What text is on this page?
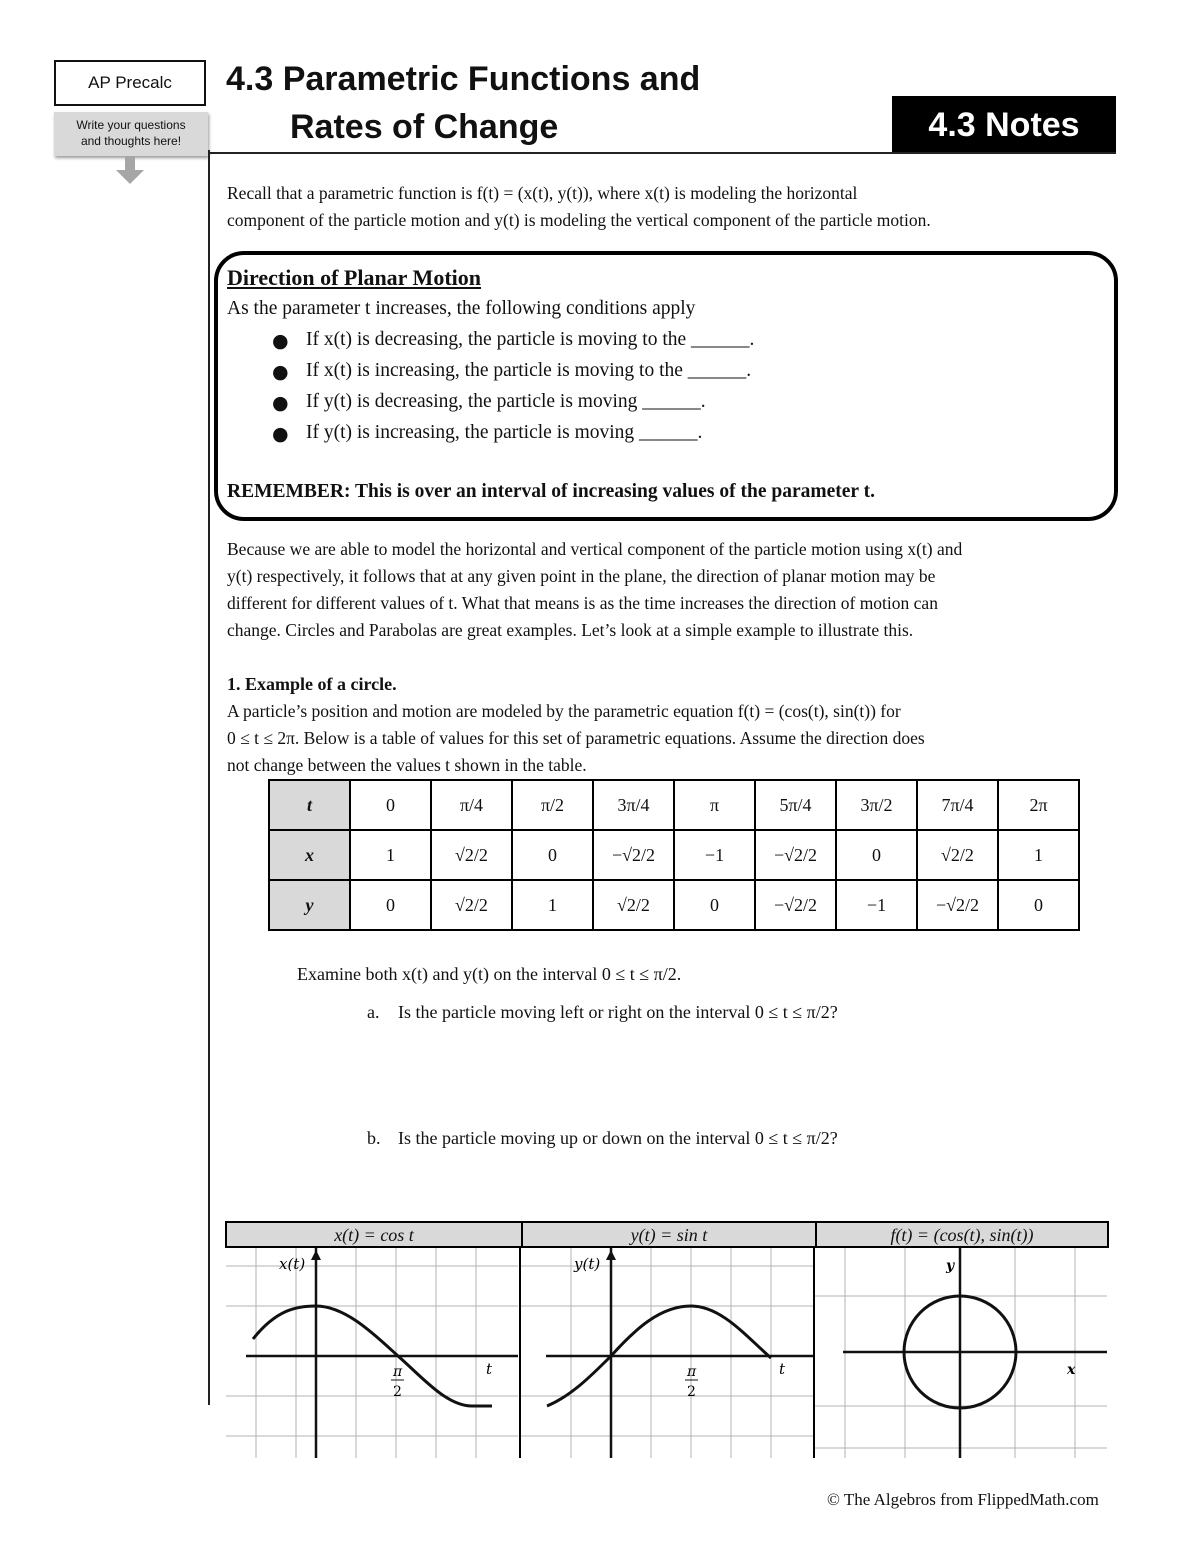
AP Precalc
Write your questions
and thoughts here!
4.3 Parametric Functions and
Rates of Change	4.3 Notes
Recall that a parametric function is f(t) = (x(t), y(t)), where x(t) is modeling the horizontal
component of the particle motion and y(t) is modeling the vertical component of the particle motion.
Direction of Planar Motion
As the parameter t increases, the following conditions apply
● If x(t) is decreasing, the particle is moving to the ______.
● If x(t) is increasing, the particle is moving to the ______.
● If y(t) is decreasing, the particle is moving ______.
● If y(t) is increasing, the particle is moving ______.
REMEMBER: This is over an interval of increasing values of the parameter t.
Because we are able to model the horizontal and vertical component of the particle motion using x(t) and
y(t) respectively, it follows that at any given point in the plane, the direction of planar motion may be
different for different values of t. What that means is as the time increases the direction of motion can
change. Circles and Parabolas are great examples. Let’s look at a simple example to illustrate this.
1. Example of a circle.
A particle’s position and motion are modeled by the parametric equation f(t) = (cos(t), sin(t)) for
0 ≤ t ≤ 2π. Below is a table of values for this set of parametric equations. Assume the direction does
not change between the values t shown in the table.
t	0	π/4	π/2	3π/4	π	5π/4	3π/2	7π/4	2π
x	1	√2/2	0	−√2/2	−1	−√2/2	0	√2/2	1
y	0	√2/2	1	√2/2	0	−√2/2	−1	−√2/2	0
Examine both x(t) and y(t) on the interval 0 ≤ t ≤ π/2.
a. Is the particle moving left or right on the interval 0 ≤ t ≤ π/2?
b. Is the particle moving up or down on the interval 0 ≤ t ≤ π/2?
x(t) = cos t	y(t) = sin t	f(t) = (cos(t), sin(t))
x(t)
t
π
2
y(t)
t
π
2
y
x
© The Algebros from FlippedMath.com
